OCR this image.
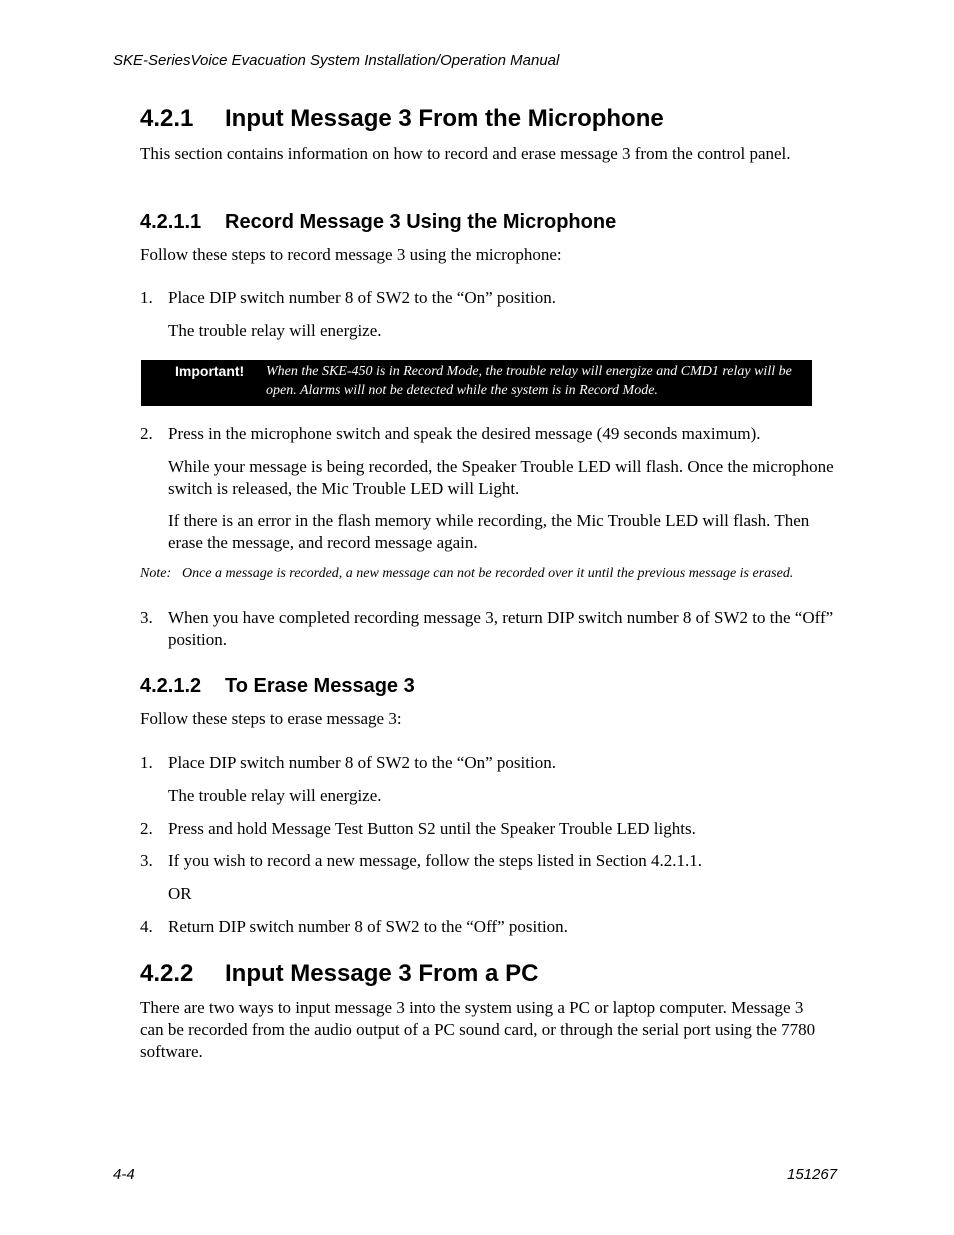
SKE-SeriesVoice Evacuation System Installation/Operation Manual
4.2.1 Input Message 3 From the Microphone
This section contains information on how to record and erase message 3 from the control panel.
4.2.1.1 Record Message 3 Using the Microphone
Follow these steps to record message 3 using the microphone:
1. Place DIP switch number 8 of SW2 to the “On” position.
The trouble relay will energize.
Important! When the SKE-450 is in Record Mode, the trouble relay will energize and CMD1 relay will be open. Alarms will not be detected while the system is in Record Mode.
2. Press in the microphone switch and speak the desired message (49 seconds maximum).
While your message is being recorded, the Speaker Trouble LED will flash. Once the microphone switch is released, the Mic Trouble LED will Light.
If there is an error in the flash memory while recording, the Mic Trouble LED will flash. Then erase the message, and record message again.
Note: Once a message is recorded, a new message can not be recorded over it until the previous message is erased.
3. When you have completed recording message 3, return DIP switch number 8 of SW2 to the “Off” position.
4.2.1.2 To Erase Message 3
Follow these steps to erase message 3:
1. Place DIP switch number 8 of SW2 to the “On” position.
The trouble relay will energize.
2. Press and hold Message Test Button S2 until the Speaker Trouble LED lights.
3. If you wish to record a new message, follow the steps listed in Section 4.2.1.1.
OR
4. Return DIP switch number 8 of SW2 to the “Off” position.
4.2.2 Input Message 3 From a PC
There are two ways to input message 3 into the system using a PC or laptop computer. Message 3 can be recorded from the audio output of a PC sound card, or through the serial port using the 7780 software.
4-4	151267
